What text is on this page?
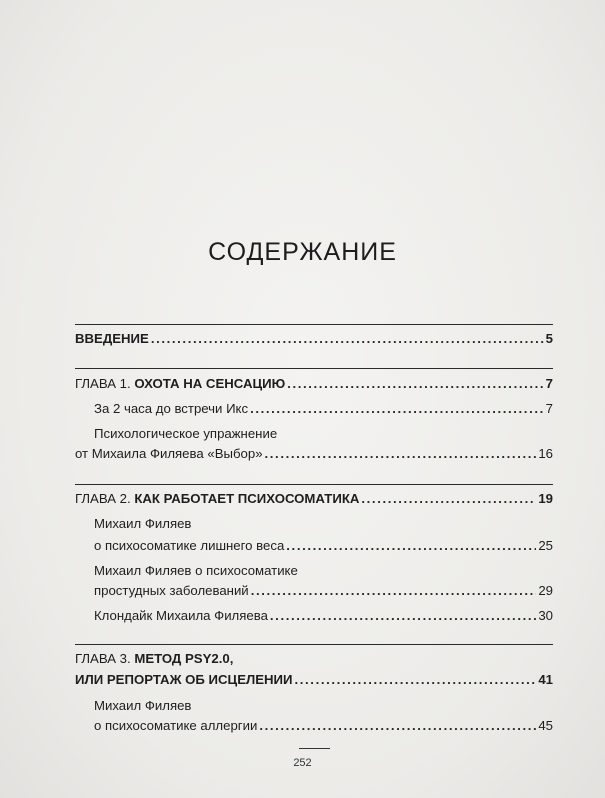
СОДЕРЖАНИЕ
ВВЕДЕНИЕ .....	5
ГЛАВА 1. ОХОТА НА СЕНСАЦИЮ .....	7
За 2 часа до встречи Икс .....	7
Психологическое упражнение
от Михаила Филяева «Выбор» .....	16
ГЛАВА 2. КАК РАБОТАЕТ ПСИХОСОМАТИКА .....	19
Михаил Филяев
о психосоматике лишнего веса .....	25
Михаил Филяев о психосоматике
простудных заболеваний .....	29
Клондайк Михаила Филяева .....	30
ГЛАВА 3. МЕТОД PSY2.0,
ИЛИ РЕПОРТАЖ ОБ ИСЦЕЛЕНИИ .....	41
Михаил Филяев
о психосоматике аллергии .....	45
252
